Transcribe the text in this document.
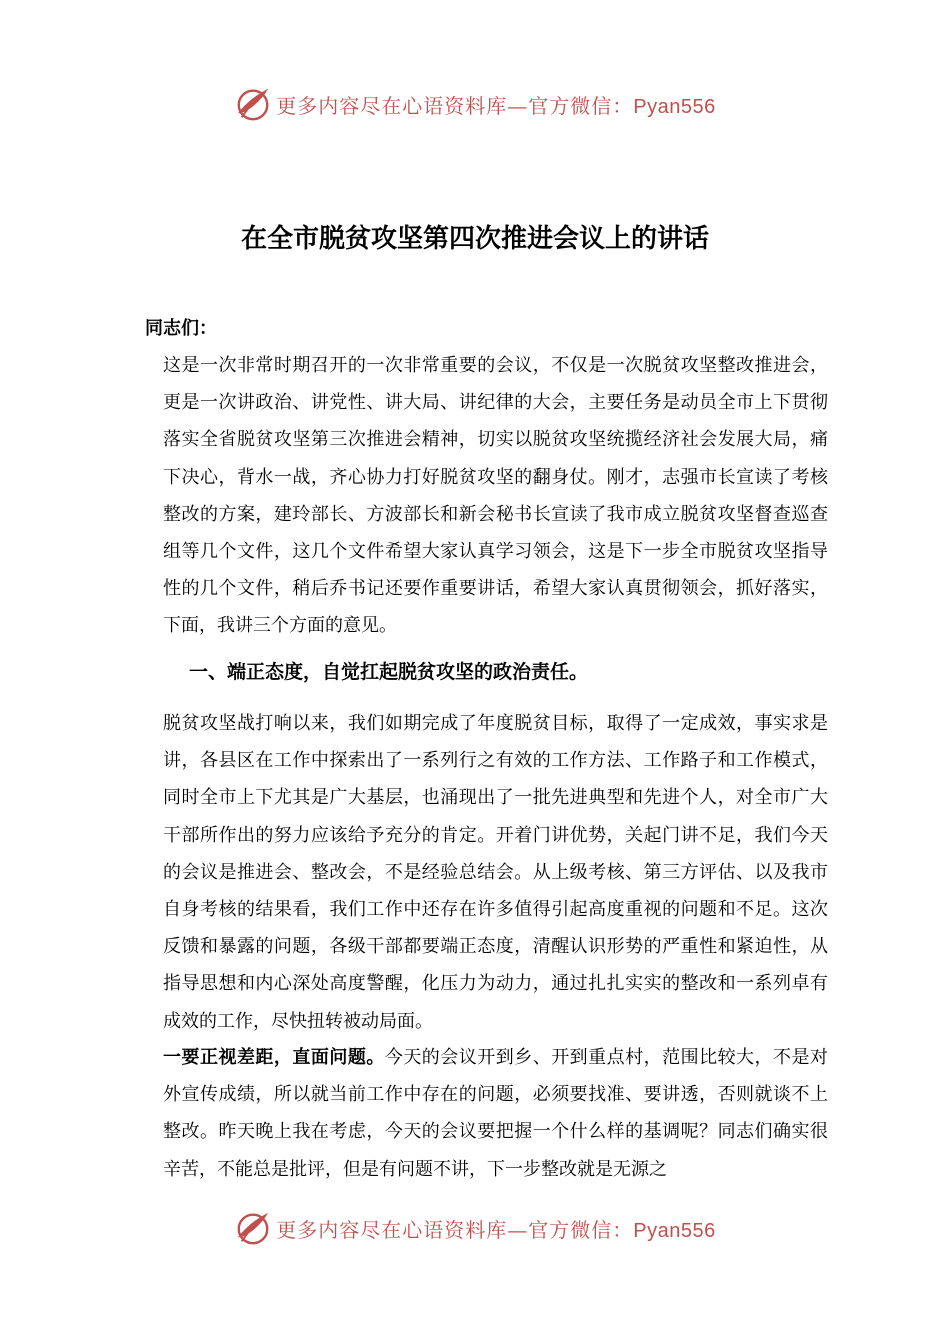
更多内容尽在心语资料库—官方微信：Pyan556
在全市脱贫攻坚第四次推进会议上的讲话

同志们：

这是一次非常时期召开的一次非常重要的会议，不仅是一次脱贫攻坚整改推进会，更是一次讲政治、讲党性、讲大局、讲纪律的大会，主要任务是动员全市上下贯彻落实全省脱贫攻坚第三次推进会精神，切实以脱贫攻坚统揽经济社会发展大局，痛下决心，背水一战，齐心协力打好脱贫攻坚的翻身仗。刚才，志强市长宣读了考核整改的方案，建玲部长、方波部长和新会秘书长宣读了我市成立脱贫攻坚督查巡查组等几个文件，这几个文件希望大家认真学习领会，这是下一步全市脱贫攻坚指导性的几个文件，稍后乔书记还要作重要讲话，希望大家认真贯彻领会，抓好落实，下面，我讲三个方面的意见。

一、端正态度，自觉扛起脱贫攻坚的政治责任。

脱贫攻坚战打响以来，我们如期完成了年度脱贫目标，取得了一定成效，事实求是讲，各县区在工作中探索出了一系列行之有效的工作方法、工作路子和工作模式，同时全市上下尤其是广大基层，也涌现出了一批先进典型和先进个人，对全市广大干部所作出的努力应该给予充分的肯定。开着门讲优势，关起门讲不足，我们今天的会议是推进会、整改会，不是经验总结会。从上级考核、第三方评估、以及我市自身考核的结果看，我们工作中还存在许多值得引起高度重视的问题和不足。这次反馈和暴露的问题，各级干部都要端正态度，清醒认识形势的严重性和紧迫性，从指导思想和内心深处高度警醒，化压力为动力，通过扎扎实实的整改和一系列卓有成效的工作，尽快扭转被动局面。

一要正视差距，直面问题。今天的会议开到乡、开到重点村，范围比较大，不是对外宣传成绩，所以就当前工作中存在的问题，必须要找准、要讲透，否则就谈不上整改。昨天晚上我在考虑，今天的会议要把握一个什么样的基调呢？同志们确实很辛苦，不能总是批评，但是有问题不讲，下一步整改就是无源之

更多内容尽在心语资料库—官方微信：Pyan556
